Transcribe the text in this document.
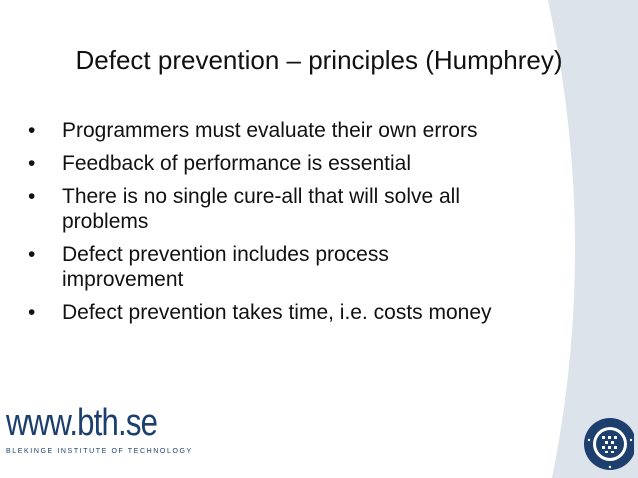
Defect prevention – principles (Humphrey)
• Programmers must evaluate their own errors
• Feedback of performance is essential
• There is no single cure-all that will solve all problems
• Defect prevention includes process improvement
• Defect prevention takes time, i.e. costs money
www.bth.se
BLEKINGE INSTITUTE OF TECHNOLOGY
